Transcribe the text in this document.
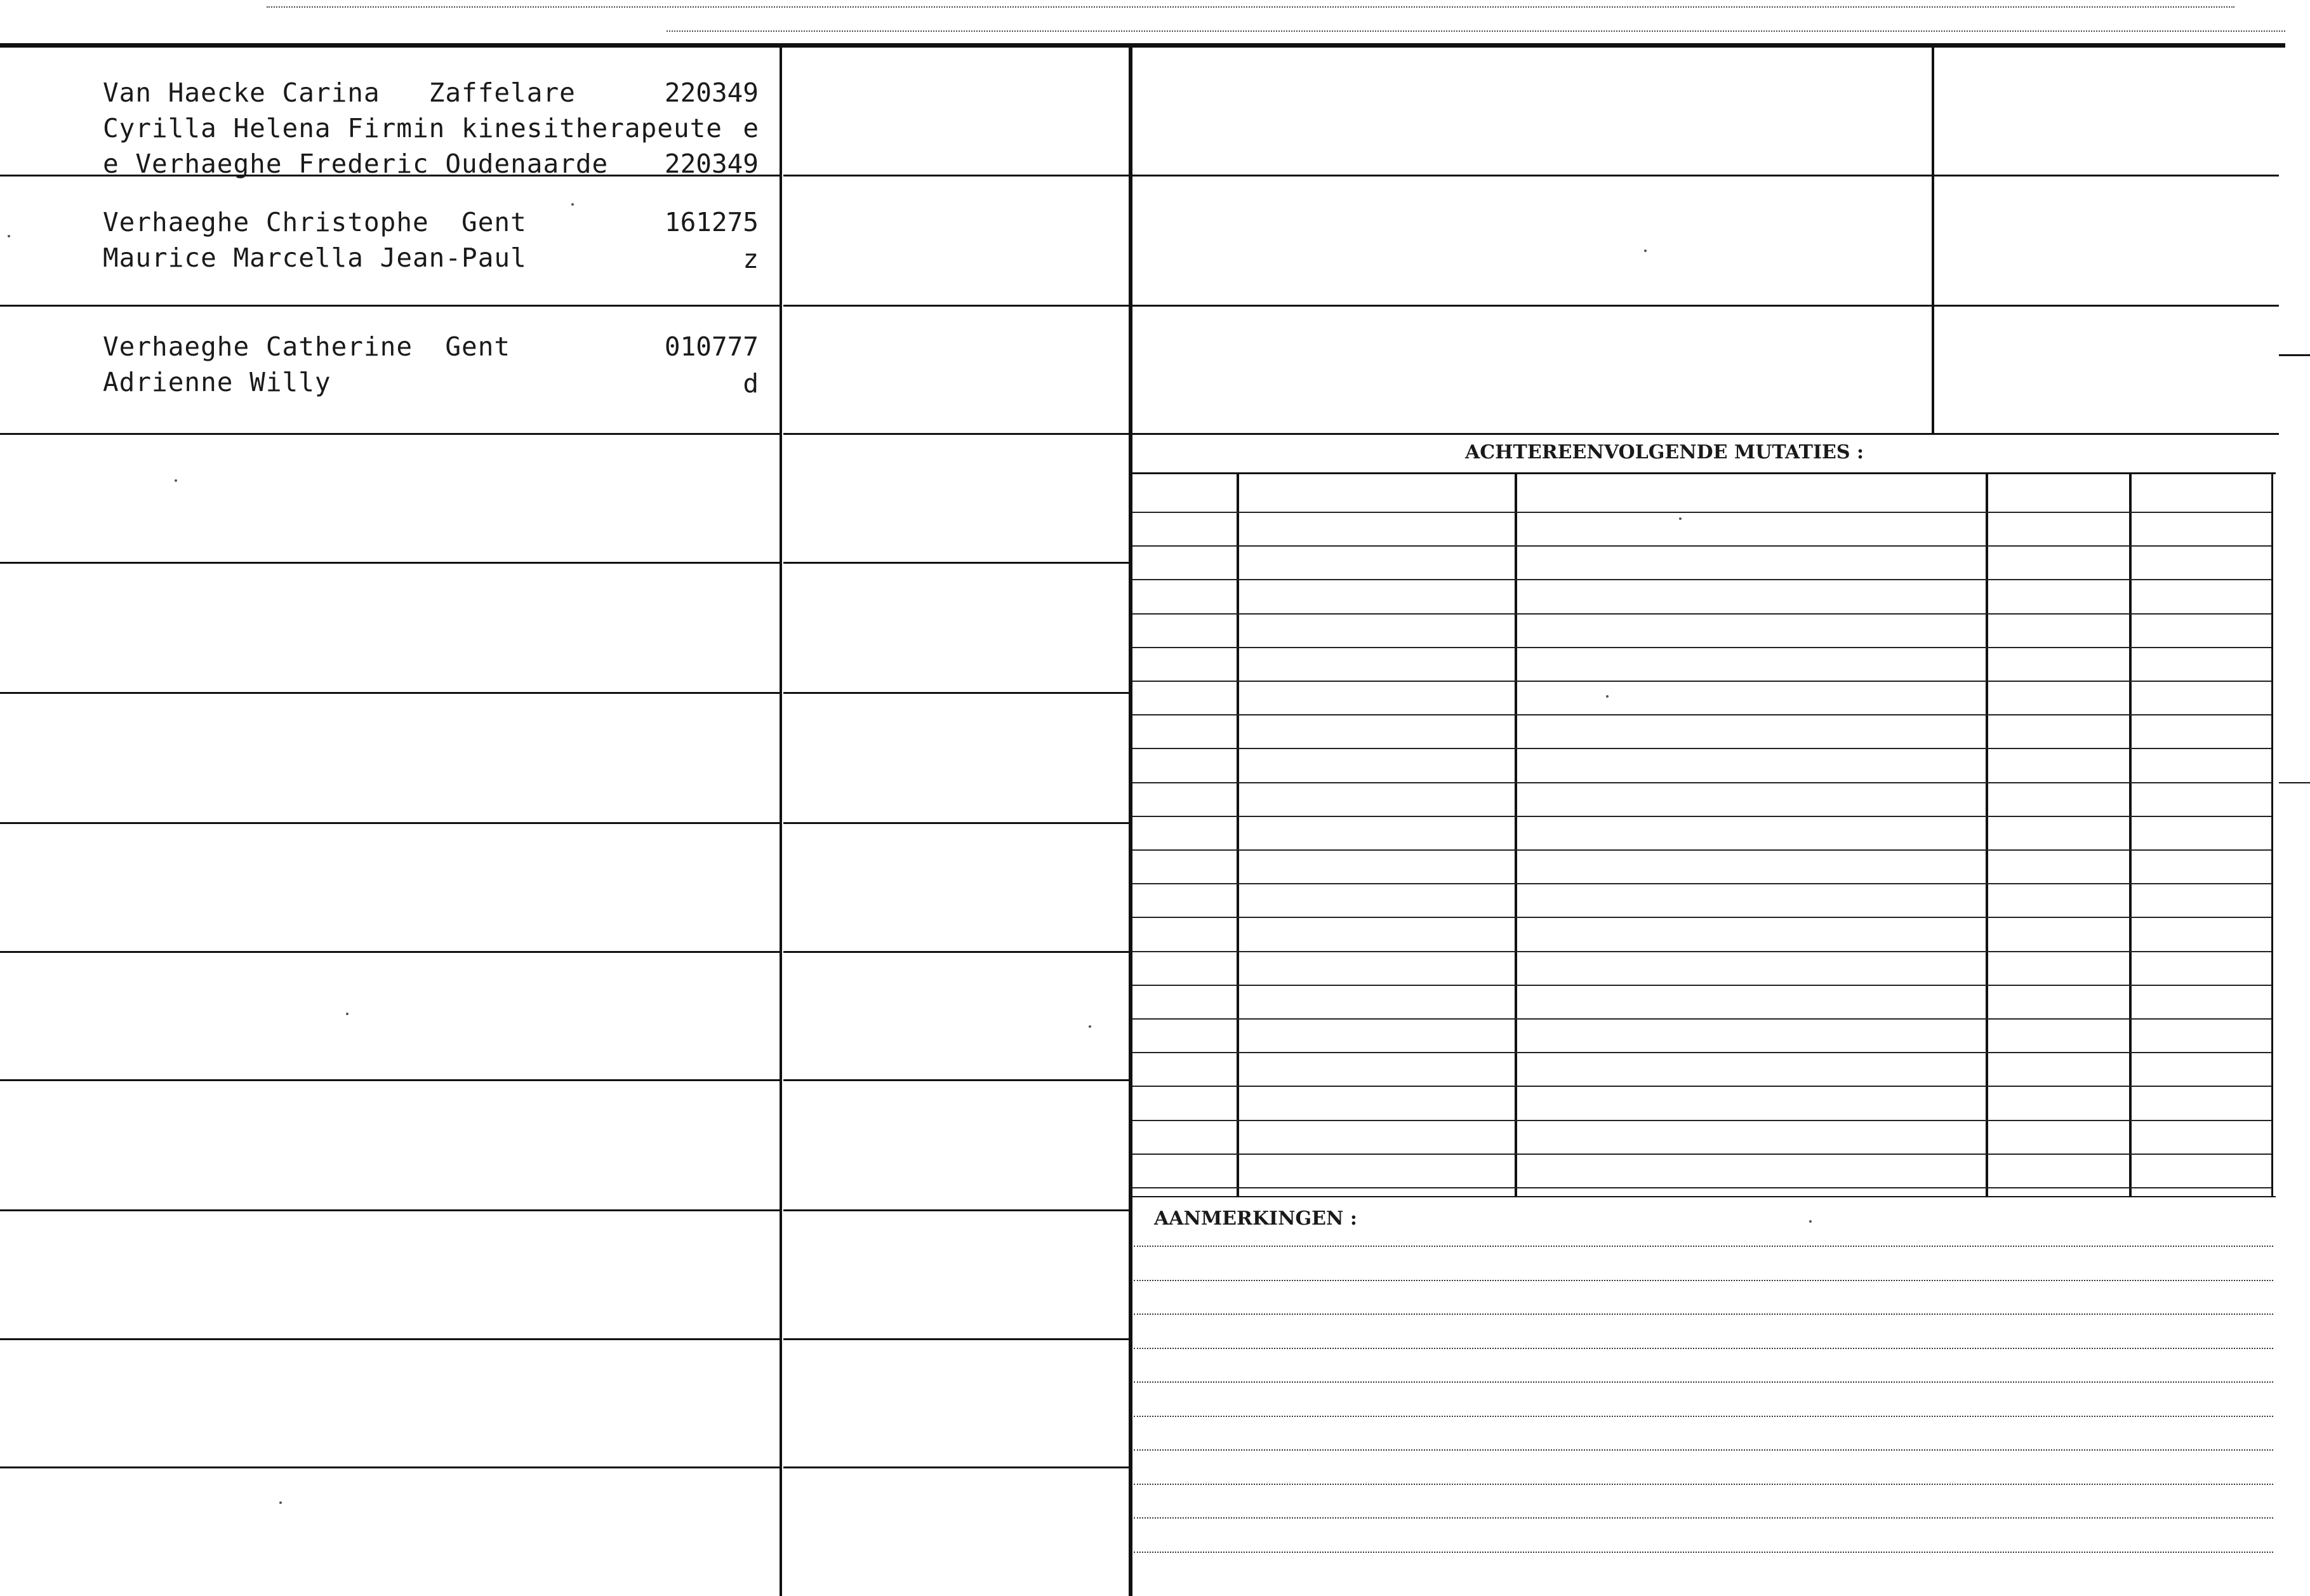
Van Haecke Carina   Zaffelare	220349
Cyrilla Helena Firmin kinesitherapeute e
e Verhaeghe Frederic Oudenaarde	220349
Verhaeghe Christophe  Gent	161275
Maurice Marcella Jean-Paul	z
Verhaeghe Catherine  Gent	010777
Adrienne Willy	d
ACHTEREENVOLGENDE MUTATIES :
AANMERKINGEN :
